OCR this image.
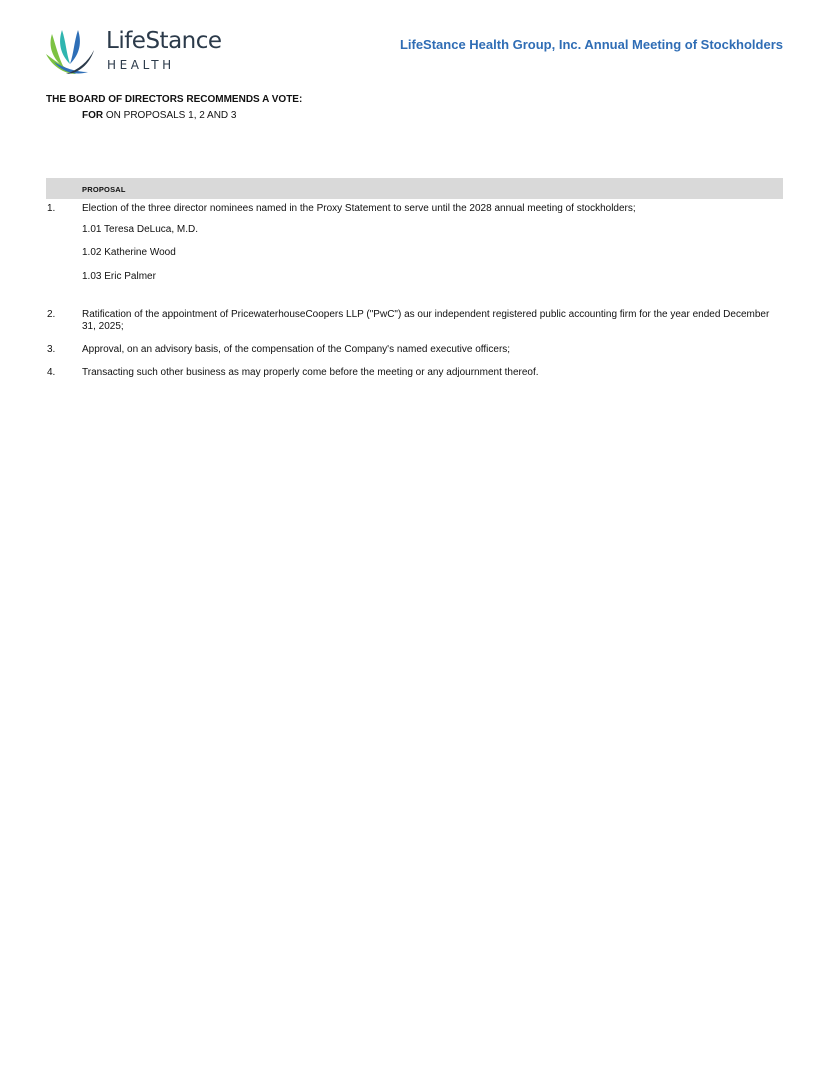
LifeStance
HEALTH
LifeStance Health Group, Inc. Annual Meeting of Stockholders
THE BOARD OF DIRECTORS RECOMMENDS A VOTE:
FOR ON PROPOSALS 1, 2 AND 3
PROPOSAL
1.	Election of the three director nominees named in the Proxy Statement to serve until the 2028 annual meeting of stockholders;
1.01 Teresa DeLuca, M.D.
1.02 Katherine Wood
1.03 Eric Palmer
2.	Ratification of the appointment of PricewaterhouseCoopers LLP ("PwC") as our independent registered public accounting firm for the year ended December 31, 2025;
3.	Approval, on an advisory basis, of the compensation of the Company's named executive officers;
4.	Transacting such other business as may properly come before the meeting or any adjournment thereof.
